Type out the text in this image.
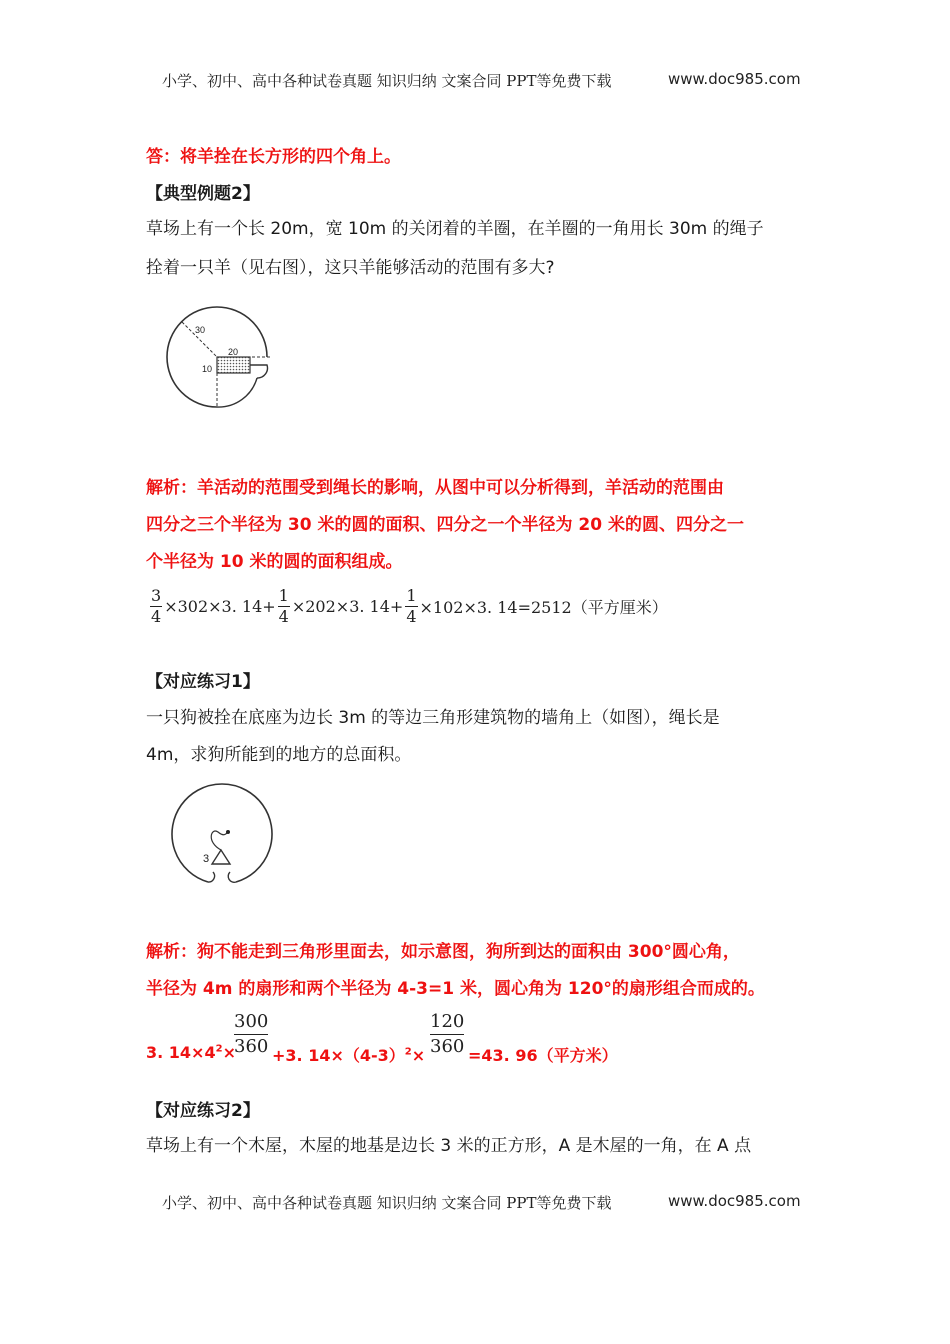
小学、初中、高中各种试卷真题 知识归纳 文案合同 PPT等免费下载	www.doc985.com
答：将羊拴在长方形的四个角上。
【典型例题2】
草场上有一个长 20m，宽 10m 的关闭着的羊圈，在羊圈的一角用长 30m 的绳子
拴着一只羊（见右图），这只羊能够活动的范围有多大?
30
20
10
解析：羊活动的范围受到绳长的影响，从图中可以分析得到，羊活动的范围由
四分之三个半径为 30 米的圆的面积、四分之一个半径为 20 米的圆、四分之一
个半径为 10 米的圆的面积组成。
$\frac{3}{4} \times 302\times 3$. $14+ \frac{1}{4} \times 202\times 3$. $14+ \frac{1}{4} \times 102\times 3$. 14=2512（平方厘米）
【对应练习1】
一只狗被拴在底座为边长 3m 的等边三角形建筑物的墙角上（如图），绳长是
4m，求狗所能到的地方的总面积。
3
解析：狗不能走到三角形里面去，如示意图，狗所到达的面积由 300°圆心角，
半径为 4m 的扇形和两个半径为 4-3=1 米，圆心角为 120°的扇形组合而成的。
3. $14\times 4^2\times$
$\frac{300}{360} +3$. $14\times(4-3)^2\times \frac{120}{360} =43$. 96（平方米）
【对应练习2】
草场上有一个木屋，木屋的地基是边长 3 米的正方形，A 是木屋的一角，在 A 点
小学、初中、高中各种试卷真题 知识归纳 文案合同 PPT等免费下载	www.doc985.com
